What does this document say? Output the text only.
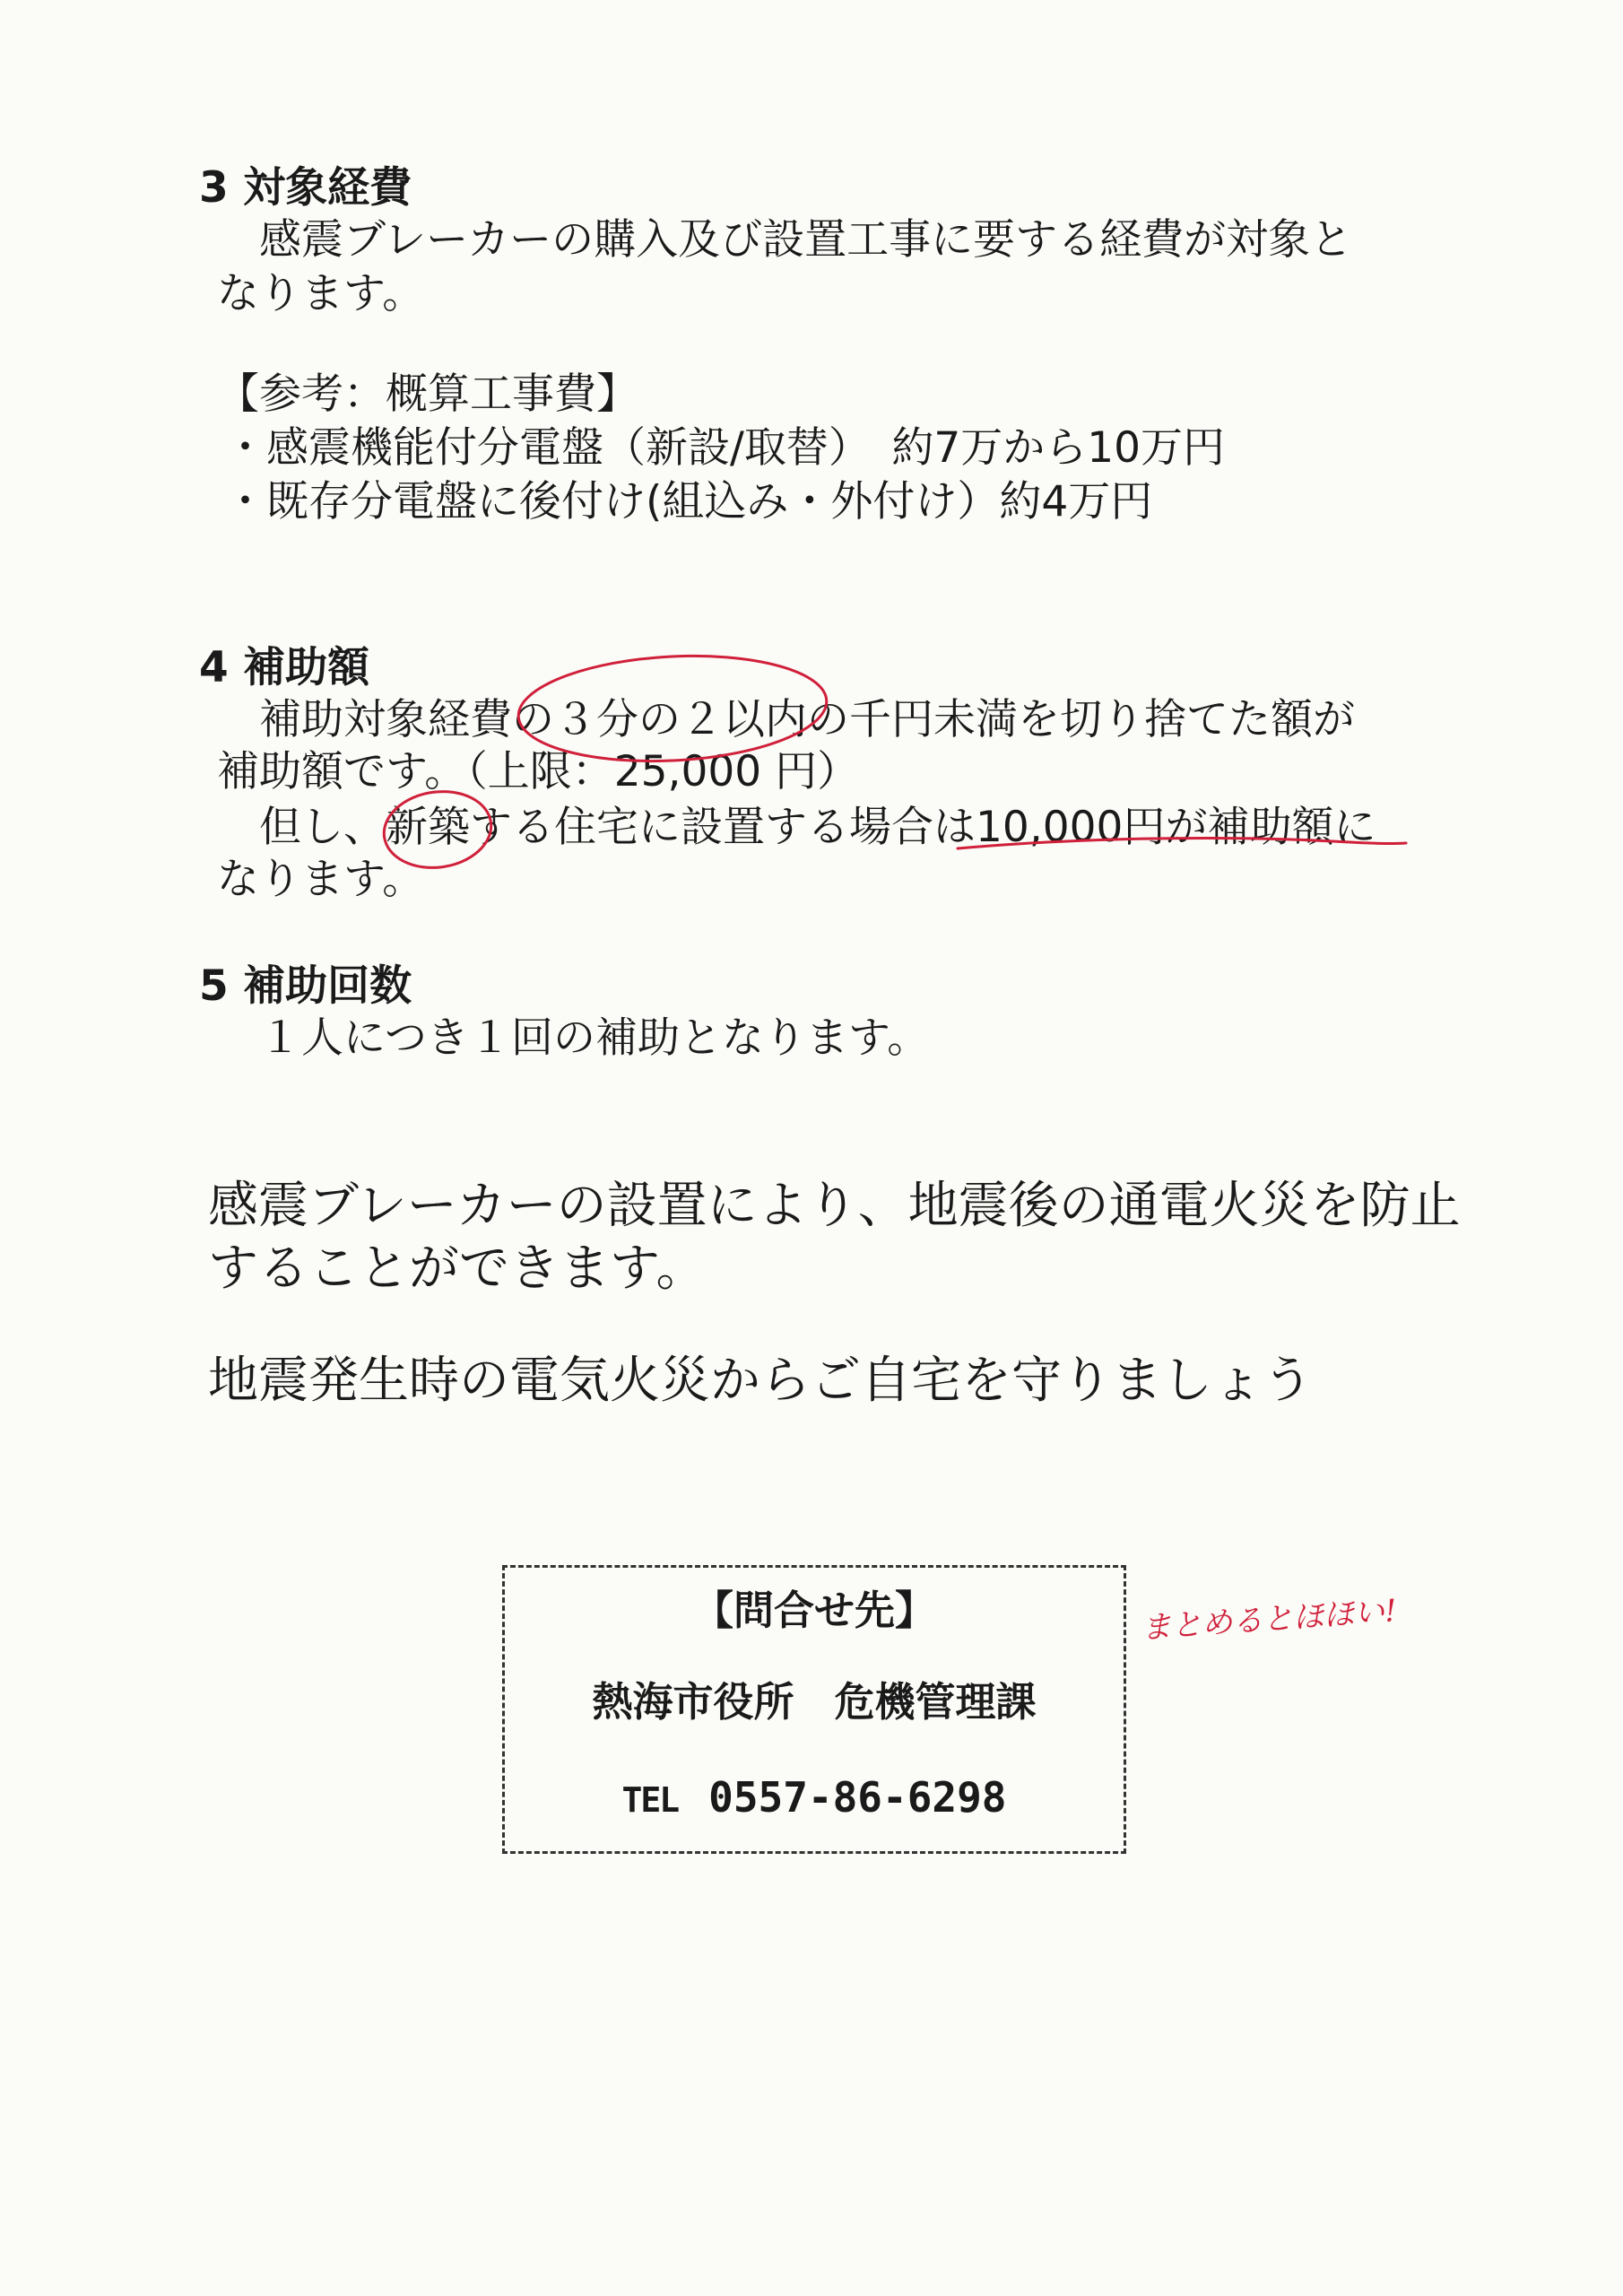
3 対象経費
　感震ブレーカーの購入及び設置工事に要する経費が対象と
なります。
【参考：概算工事費】
・感震機能付分電盤（新設/取替）　約7万から10万円
・既存分電盤に後付け(組込み・外付け）約4万円
4 補助額
　補助対象経費の３分の２以内の千円未満を切り捨てた額が
補助額です。（上限：25,000 円）
　但し、新築する住宅に設置する場合は10,000円が補助額に
なります。
5 補助回数
　１人につき１回の補助となります。
感震ブレーカーの設置により、地震後の通電火災を防止
することができます。
地震発生時の電気火災からご自宅を守りましょう
【問合せ先】
熱海市役所　危機管理課
TEL 0557-86-6298
まとめるとほほい!
